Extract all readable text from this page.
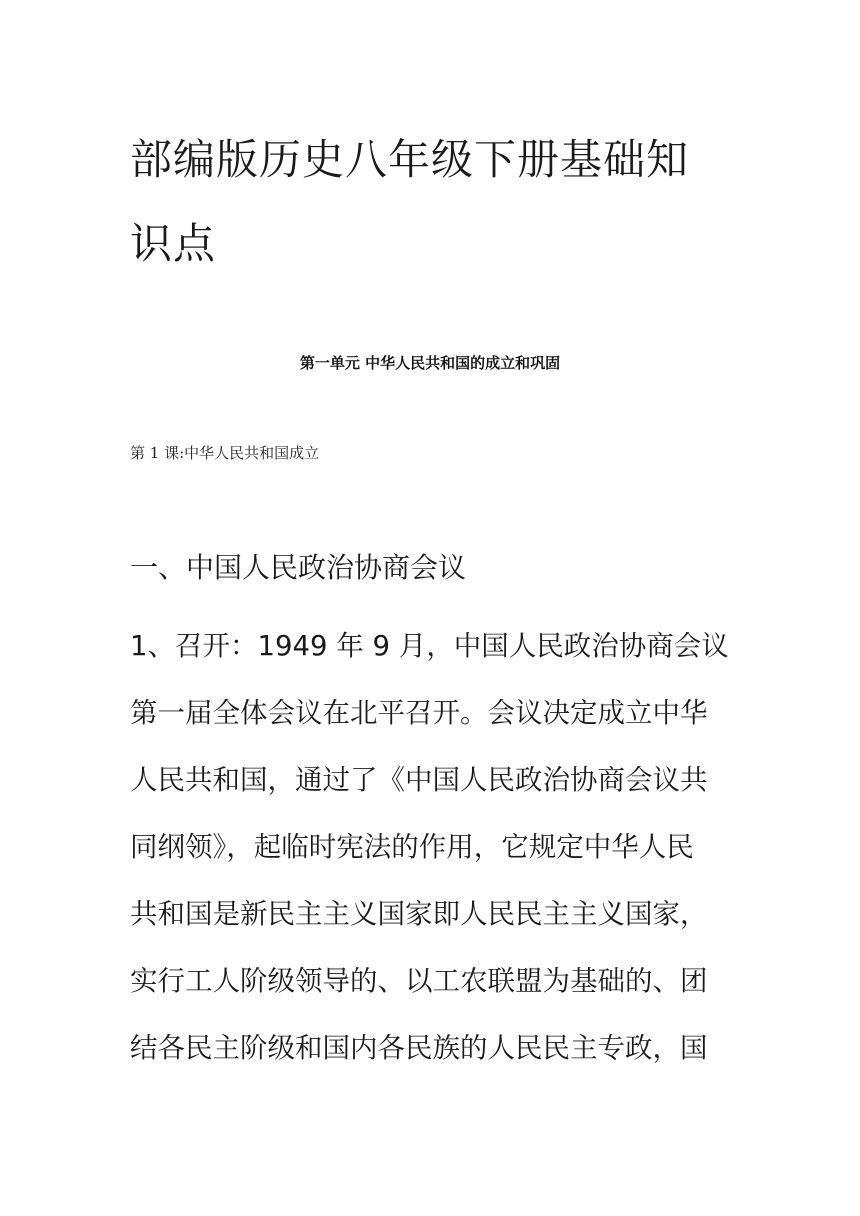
部编版历史八年级下册基础知识点
第一单元 中华人民共和国的成立和巩固
第 1 课:中华人民共和国成立
一、中国人民政治协商会议
1、召开：1949 年 9 月，中国人民政治协商会议
第一届全体会议在北平召开。会议决定成立中华
人民共和国，通过了《中国人民政治协商会议共
同纲领》，起临时宪法的作用，它规定中华人民
共和国是新民主主义国家即人民民主主义国家，
实行工人阶级领导的、以工农联盟为基础的、团
结各民主阶级和国内各民族的人民民主专政，国
